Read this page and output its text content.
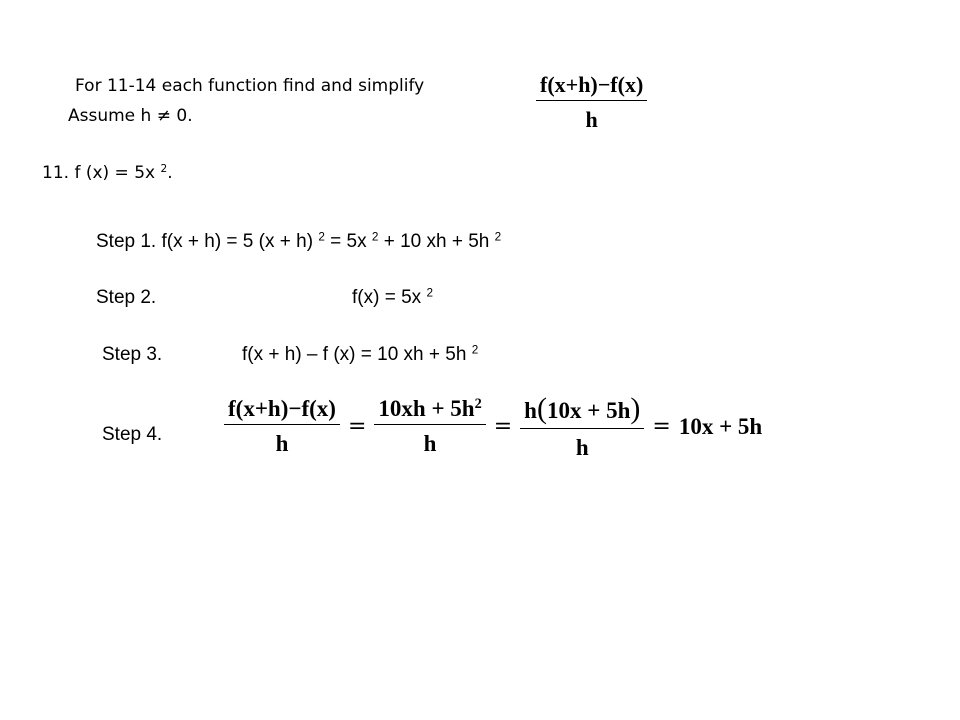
For 11-14 each function find and simplify
Assume h ≠ 0.	$\frac{f(x+h)-f(x)}{h}$
11. f (x) = 5x $^2$.
Step 1. f(x + h) = 5 (x + h) $^2$ = 5x $^2$ + 10 xh + 5h $^2$
Step 2.	f(x) = 5x $^2$
Step 3.	f(x + h) – f (x) = 10 xh + 5h $^2$
Step 4.	$\frac{f(x+h)-f(x)}{h} = \frac{10xh + 5h^2}{h} = \frac{h(10x + 5h)}{h} = 10x + 5h$
